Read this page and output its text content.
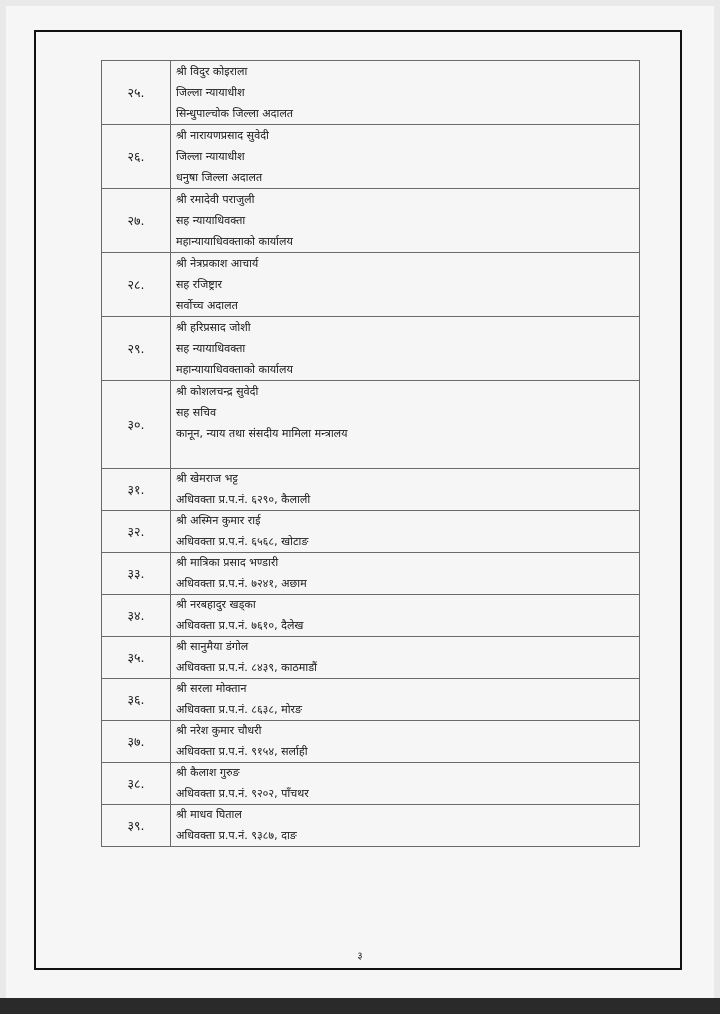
२५.	श्री विदुर कोइराला
जिल्ला न्यायाधीश
सिन्धुपाल्चोक जिल्ला अदालत

२६.	श्री नारायणप्रसाद सुवेदी
जिल्ला न्यायाधीश
धनुषा जिल्ला अदालत

२७.	श्री रमादेवी पराजुली
सह न्यायाधिवक्ता
महान्यायाधिवक्ताको कार्यालय

२८.	श्री नेत्रप्रकाश आचार्य
सह रजिष्ट्रार
सर्वोच्च अदालत

२९.	श्री हरिप्रसाद जोशी
सह न्यायाधिवक्ता
महान्यायाधिवक्ताको कार्यालय

३०.	श्री कोशलचन्द्र सुवेदी
सह सचिव
कानून, न्याय तथा संसदीय मामिला मन्त्रालय

३१.	श्री खेमराज भट्ट
अधिवक्ता प्र.प.नं. ६२९०, कैलाली

३२.	श्री अस्मिन कुमार राई
अधिवक्ता प्र.प.नं. ६५६८, खोटाङ

३३.	श्री मात्रिका प्रसाद भण्डारी
अधिवक्ता प्र.प.नं. ७२४१, अछाम

३४.	श्री नरबहादुर खड्का
अधिवक्ता प्र.प.नं. ७६१०, दैलेख

३५.	श्री सानुमैया डंगोल
अधिवक्ता प्र.प.नं. ८४३९, काठमाडौं

३६.	श्री सरला मोक्तान
अधिवक्ता प्र.प.नं. ८६३८, मोरङ

३७.	श्री नरेश कुमार चौधरी
अधिवक्ता प्र.प.नं. ९१५४, सर्लाही

३८.	श्री कैलाश गुरुङ
अधिवक्ता प्र.प.नं. ९२०२, पाँचथर

३९.	श्री माधव घिताल
अधिवक्ता प्र.प.नं. ९३८७, दाङ
३
